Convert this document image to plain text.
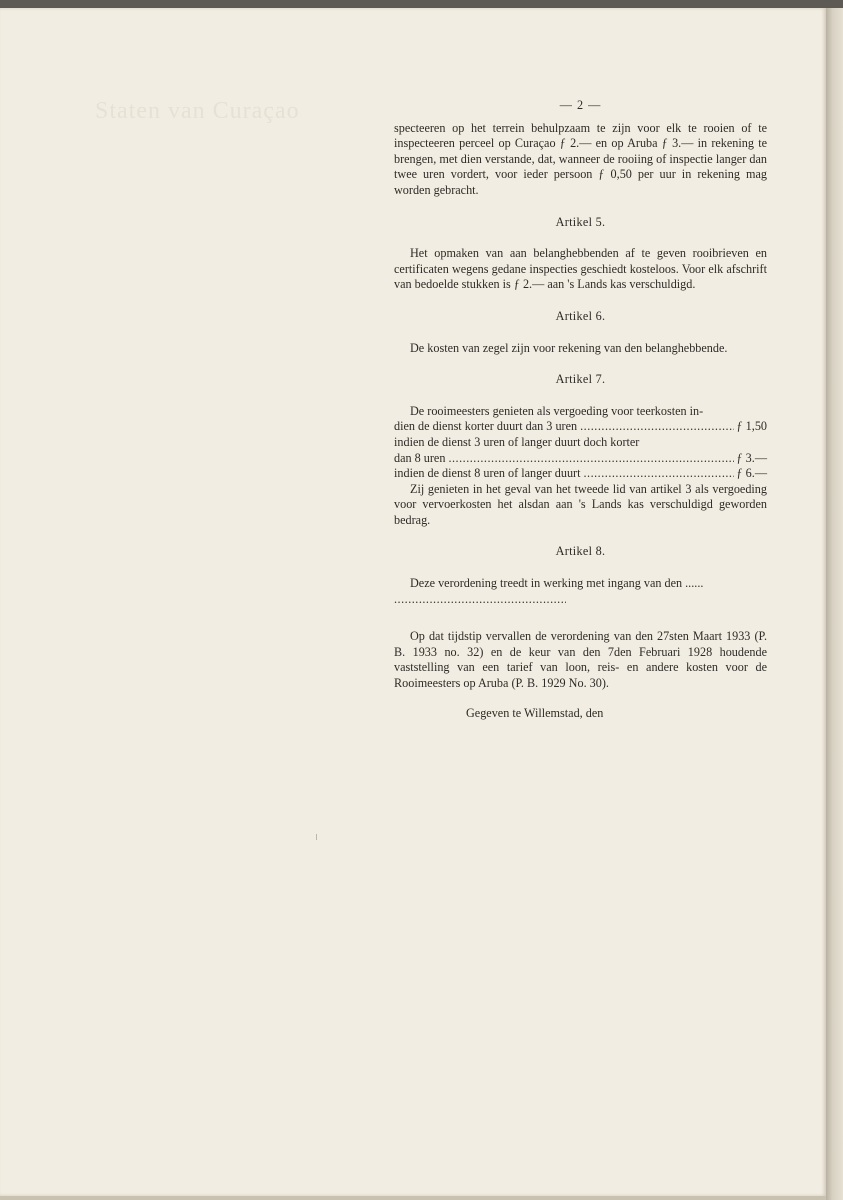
Staten van Curaçao	— 2 —

specteeren op het terrein behulpzaam te zijn voor elk te rooien of te inspecteeren perceel op Curaçao ƒ 2.— en op Aruba ƒ 3.— in rekening te brengen, met dien verstande, dat, wanneer de rooiing of inspectie langer dan twee uren vordert, voor ieder persoon ƒ 0,50 per uur in rekening mag worden gebracht.

Artikel 5.

Het opmaken van aan belanghebbenden af te geven rooibrieven en certificaten wegens gedane inspecties geschiedt kosteloos. Voor elk afschrift van bedoelde stukken is ƒ 2.— aan 's Lands kas verschuldigd.

Artikel 6.

De kosten van zegel zijn voor rekening van den belanghebbende.

Artikel 7.

De rooimeesters genieten als vergoeding voor teerkosten in-

dien de dienst korter duurt dan 3 uren .....	ƒ 1,50
indien de dienst 3 uren of langer duurt doch korter
dan 8 uren .....	ƒ 3.—
indien de dienst 8 uren of langer duurt .....	ƒ 6.—

Zij genieten in het geval van het tweede lid van artikel 3 als vergoeding voor vervoerkosten het alsdan aan 's Lands kas verschuldigd geworden bedrag.

Artikel 8.

Deze verordening treedt in werking met ingang van den ......

.....

Op dat tijdstip vervallen de verordening van den 27sten Maart 1933 (P. B. 1933 no. 32) en de keur van den 7den Februari 1928 houdende vaststelling van een tarief van loon, reis- en andere kosten voor de Rooimeesters op Aruba (P. B. 1929 No. 30).

Gegeven te Willemstad, den
